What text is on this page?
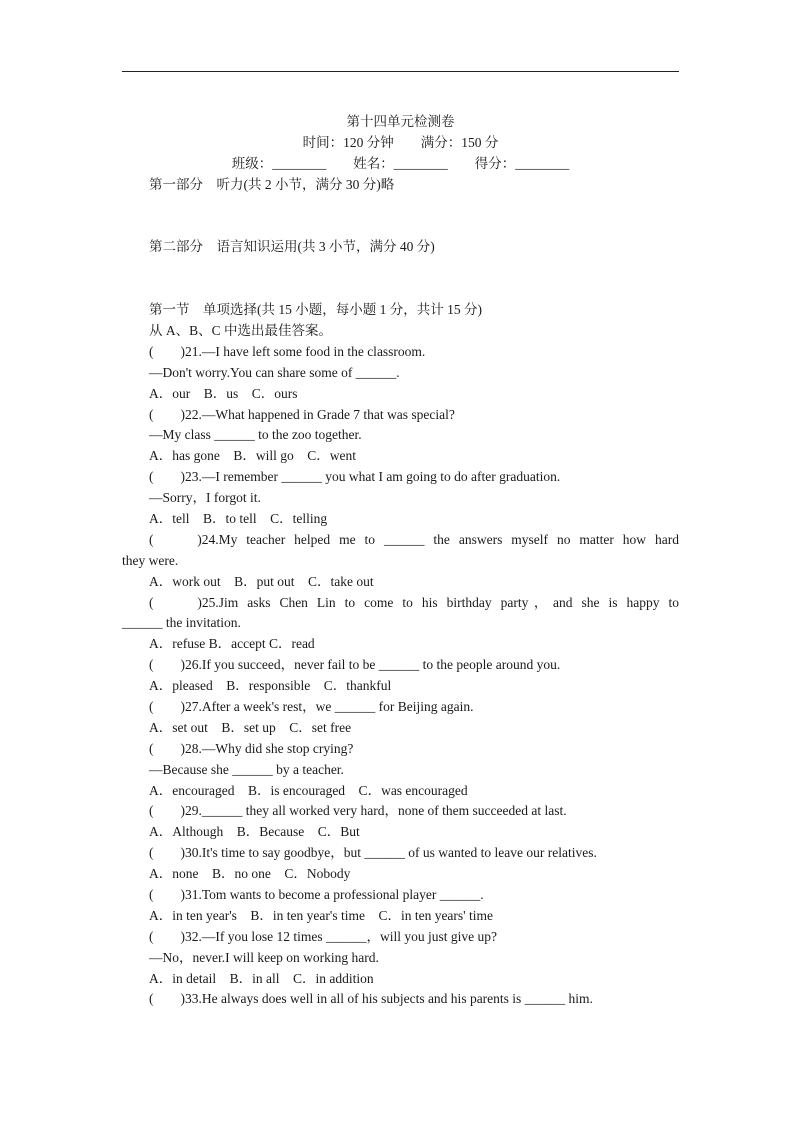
第十四单元检测卷
时间：120 分钟　　满分：150 分
班级：________　　姓名：________　　得分：________
第一部分　听力(共 2 小节，满分 30 分)略
第二部分　语言知识运用(共 3 小节，满分 40 分)
第一节　单项选择(共 15 小题，每小题 1 分，共计 15 分)
从 A、B、C 中选出最佳答案。
(　　)21.—I have left some food in the classroom.
—Don't worry.You can share some of ______.
A．our　B．us　C．ours
(　　)22.—What happened in Grade 7 that was special?
—My class ______ to the zoo together.
A．has gone　B．will go　C．went
(　　)23.—I remember ______ you what I am going to do after graduation.
—Sorry，I forgot it.
A．tell　B．to tell　C．telling
(　　)24.My teacher helped me to ______ the answers myself no matter how hard
they were.
A．work out　B．put out　C．take out
(　　)25.Jim asks Chen Lin to come to his birthday party，and she is happy to
______ the invitation.
A．refuse B．accept C．read
(　　)26.If you succeed，never fail to be ______ to the people around you.
A．pleased　B．responsible　C．thankful
(　　)27.After a week's rest，we ______ for Beijing again.
A．set out　B．set up　C．set free
(　　)28.—Why did she stop crying?
—Because she ______ by a teacher.
A．encouraged　B．is encouraged　C．was encouraged
(　　)29.______ they all worked very hard，none of them succeeded at last.
A．Although　B．Because　C．But
(　　)30.It's time to say goodbye，but ______ of us wanted to leave our relatives.
A．none　B．no one　C．Nobody
(　　)31.Tom wants to become a professional player ______.
A．in ten year's　B．in ten year's time　C．in ten years' time
(　　)32.—If you lose 12 times ______，will you just give up?
—No，never.I will keep on working hard.
A．in detail　B．in all　C．in addition
(　　)33.He always does well in all of his subjects and his parents is ______ him.
